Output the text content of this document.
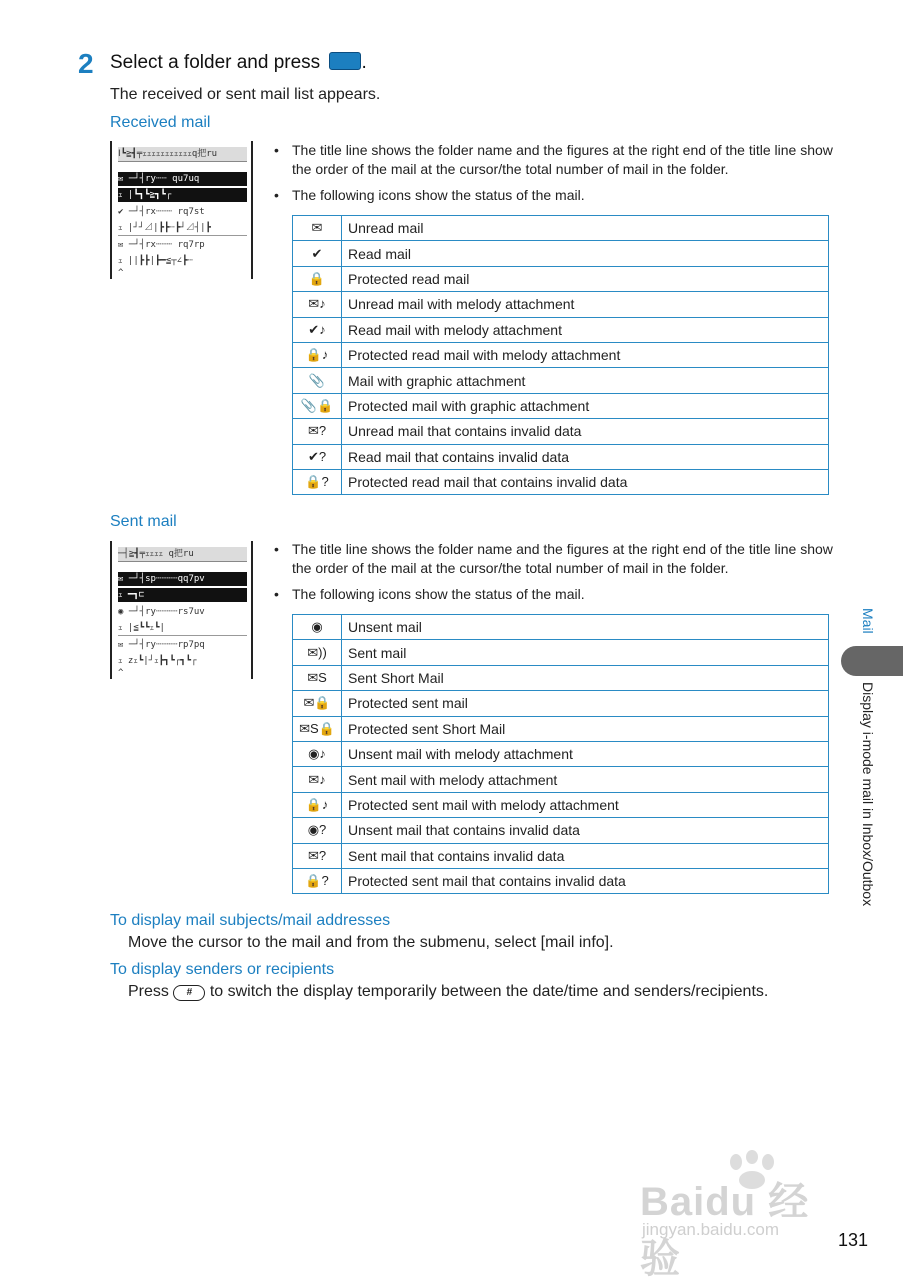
2 Select a folder and press .
The received or sent mail list appears.
Received mail
Ⅰ┗≧┫╤ｪｪｪｪｪｪｪｪｪｪｪq把ru
✉ ─┘┤ry┄┄ qu7uq
ｪ |┗┓┗≧┓┗┌
✔ ─┘┤rx┄┄┄ rq7st
ｪ |┘┘⊿|┣┣┄┣┘⊿┤|┣
✉ ─┘┤rx┄┄┄ rq7rp
ｪ ||┣┣|┣━≦┬∠┣┄
^
• The title line shows the folder name and the figures at the right end of the title line show the order of the mail at the cursor/the total number of mail in the folder.
• The following icons show the status of the mail.
✉	Unread mail
✔	Read mail
🔒	Protected read mail
✉♪	Unread mail with melody attachment
✔♪	Read mail with melody attachment
🔒♪	Protected read mail with melody attachment
📎	Mail with graphic attachment
📎🔒	Protected mail with graphic attachment
✉?	Unread mail that contains invalid data
✔?	Read mail that contains invalid data
🔒?	Protected read mail that contains invalid data
Sent mail
─┤≧┫╤ｪｪｪｪ q把ru
✉ ─┘┤sp┄┄┄┄qq7pv
ｪ ━┓⊏
◉ ─┘┤ry┄┄┄┄rs7uv
ｪ |≦┗┗ｪ┗|
✉ ─┘┤ry┄┄┄┄rp7pq
ｪ zｪ┗|┘ｪ┣┓┗┌┓┗┌
^
• The title line shows the folder name and the figures at the right end of the title line show the order of the mail at the cursor/the total number of mail in the folder.
• The following icons show the status of the mail.
◉	Unsent mail
✉))	Sent mail
✉S	Sent Short Mail
✉🔒	Protected sent mail
✉S🔒	Protected sent Short Mail
◉♪	Unsent mail with melody attachment
✉♪	Sent mail with melody attachment
🔒♪	Protected sent mail with melody attachment
◉?	Unsent mail that contains invalid data
✉?	Sent mail that contains invalid data
🔒?	Protected sent mail that contains invalid data
To display mail subjects/mail addresses
Move the cursor to the mail and from the submenu, select [mail info].
To display senders or recipients
Press # to switch the display temporarily between the date/time and senders/recipients.
Mail
Display i-mode mail in Inbox/Outbox
Baidu 经验
jingyan.baidu.com
131
